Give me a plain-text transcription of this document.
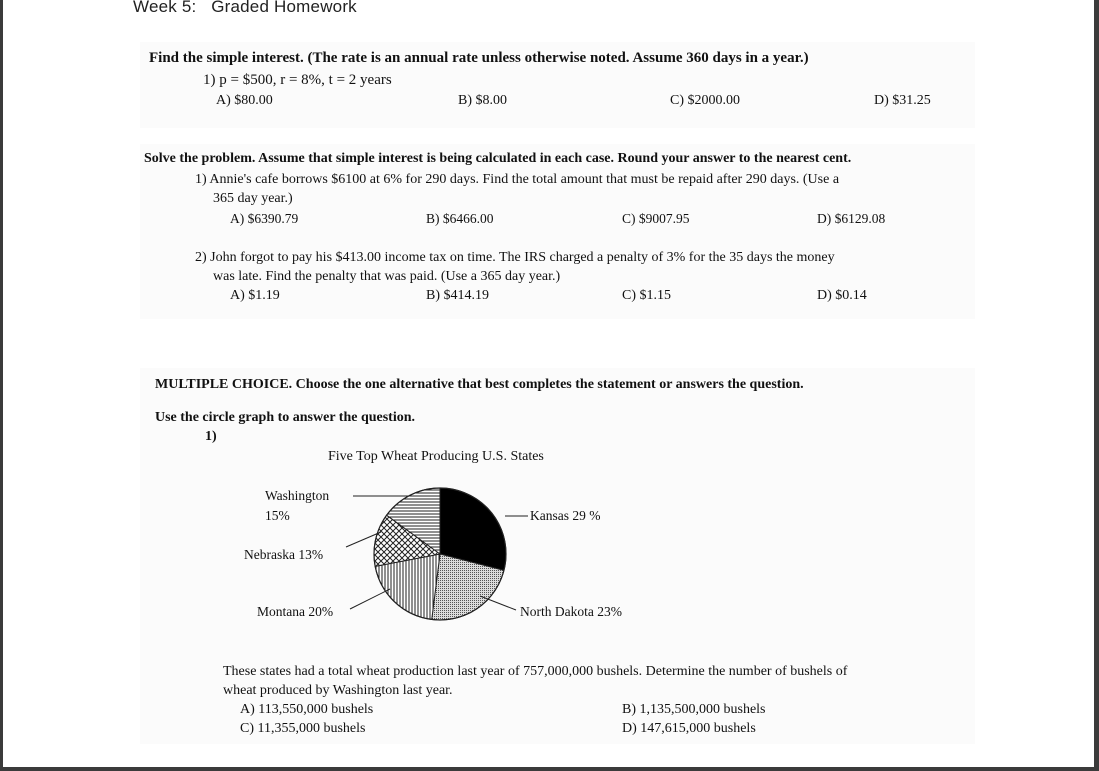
Week 5:   Graded Homework
Find the simple interest. (The rate is an annual rate unless otherwise noted. Assume 360 days in a year.)
1) p = $500, r = 8%, t = 2 years
A) $80.00	B) $8.00	C) $2000.00	D) $31.25
Solve the problem. Assume that simple interest is being calculated in each case. Round your answer to the nearest cent.
1) Annie's cafe borrows $6100 at 6% for 290 days. Find the total amount that must be repaid after 290 days. (Use a
365 day year.)
A) $6390.79	B) $6466.00	C) $9007.95	D) $6129.08
2) John forgot to pay his $413.00 income tax on time. The IRS charged a penalty of 3% for the 35 days the money
was late. Find the penalty that was paid. (Use a 365 day year.)
A) $1.19	B) $414.19	C) $1.15	D) $0.14
MULTIPLE CHOICE. Choose the one alternative that best completes the statement or answers the question.
Use the circle graph to answer the question.
1)
Five Top Wheat Producing U.S. States
Washington
15%
Nebraska 13%
Montana 20%
Kansas 29 %
North Dakota 23%
These states had a total wheat production last year of 757,000,000 bushels. Determine the number of bushels of
wheat produced by Washington last year.
A) 113,550,000 bushels	B) 1,135,500,000 bushels
C) 11,355,000 bushels	D) 147,615,000 bushels
